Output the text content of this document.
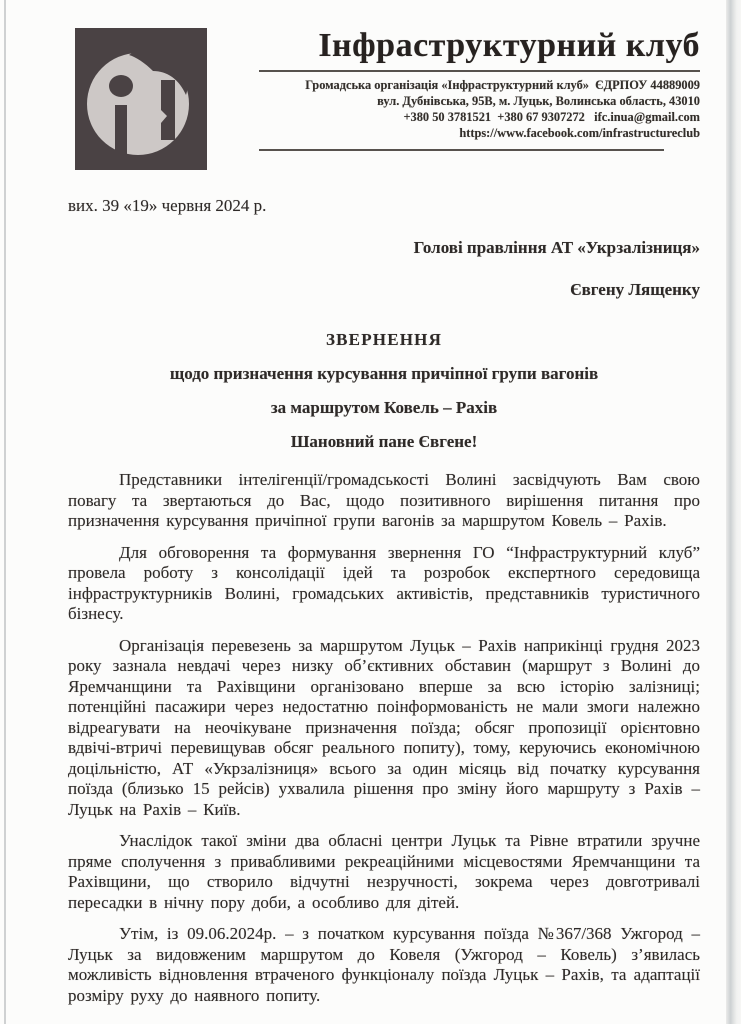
Інфраструктурний клуб
Громадська організація «Інфраструктурний клуб»  ЄДРПОУ 44889009
вул. Дубнівська, 95В, м. Луцьк, Волинська область, 43010
+380 50 3781521  +380 67 9307272   ifc.inua@gmail.com
https://www.facebook.com/infrastructureclub
вих. 39 «19» червня 2024 р.
Голові правління АТ «Укрзалізниця»
Євгену Лященку
ЗВЕРНЕННЯ
щодо призначення курсування причіпної групи вагонів
за маршрутом Ковель – Рахів
Шановний пане Євгене!

Представники інтелігенції/громадськості Волині засвідчують Вам свою повагу та звертаються до Вас, щодо позитивного вирішення питання про призначення курсування причіпної групи вагонів за маршрутом Ковель – Рахів.

Для обговорення та формування звернення ГО “Інфраструктурний клуб” провела роботу з консолідації ідей та розробок експертного середовища інфраструктурників Волині, громадських активістів, представників туристичного бізнесу.

Організація перевезень за маршрутом Луцьк – Рахів наприкінці грудня 2023 року зазнала невдачі через низку об’єктивних обставин (маршрут з Волині до Яремчанщини та Рахівщини організовано вперше за всю історію залізниці; потенційні пасажири через недостатню поінформованість не мали змоги належно відреагувати на неочікуване призначення поїзда; обсяг пропозиції орієнтовно вдвічі-втричі перевищував обсяг реального попиту), тому, керуючись економічною доцільністю, АТ «Укрзалізниця» всього за один місяць від початку курсування поїзда (близько 15 рейсів) ухвалила рішення про зміну його маршруту з Рахів – Луцьк на Рахів – Київ.

Унаслідок такої зміни два обласні центри Луцьк та Рівне втратили зручне пряме сполучення з привабливими рекреаційними місцевостями Яремчанщини та Рахівщини, що створило відчутні незручності, зокрема через довготривалі пересадки в нічну пору доби, а особливо для дітей.

Утім, із 09.06.2024р. – з початком курсування поїзда №367/368 Ужгород – Луцьк за видовженим маршрутом до Ковеля (Ужгород – Ковель) з’явилась можливість відновлення втраченого функціоналу поїзда Луцьк – Рахів, та адаптації розміру руху до наявного попиту.
